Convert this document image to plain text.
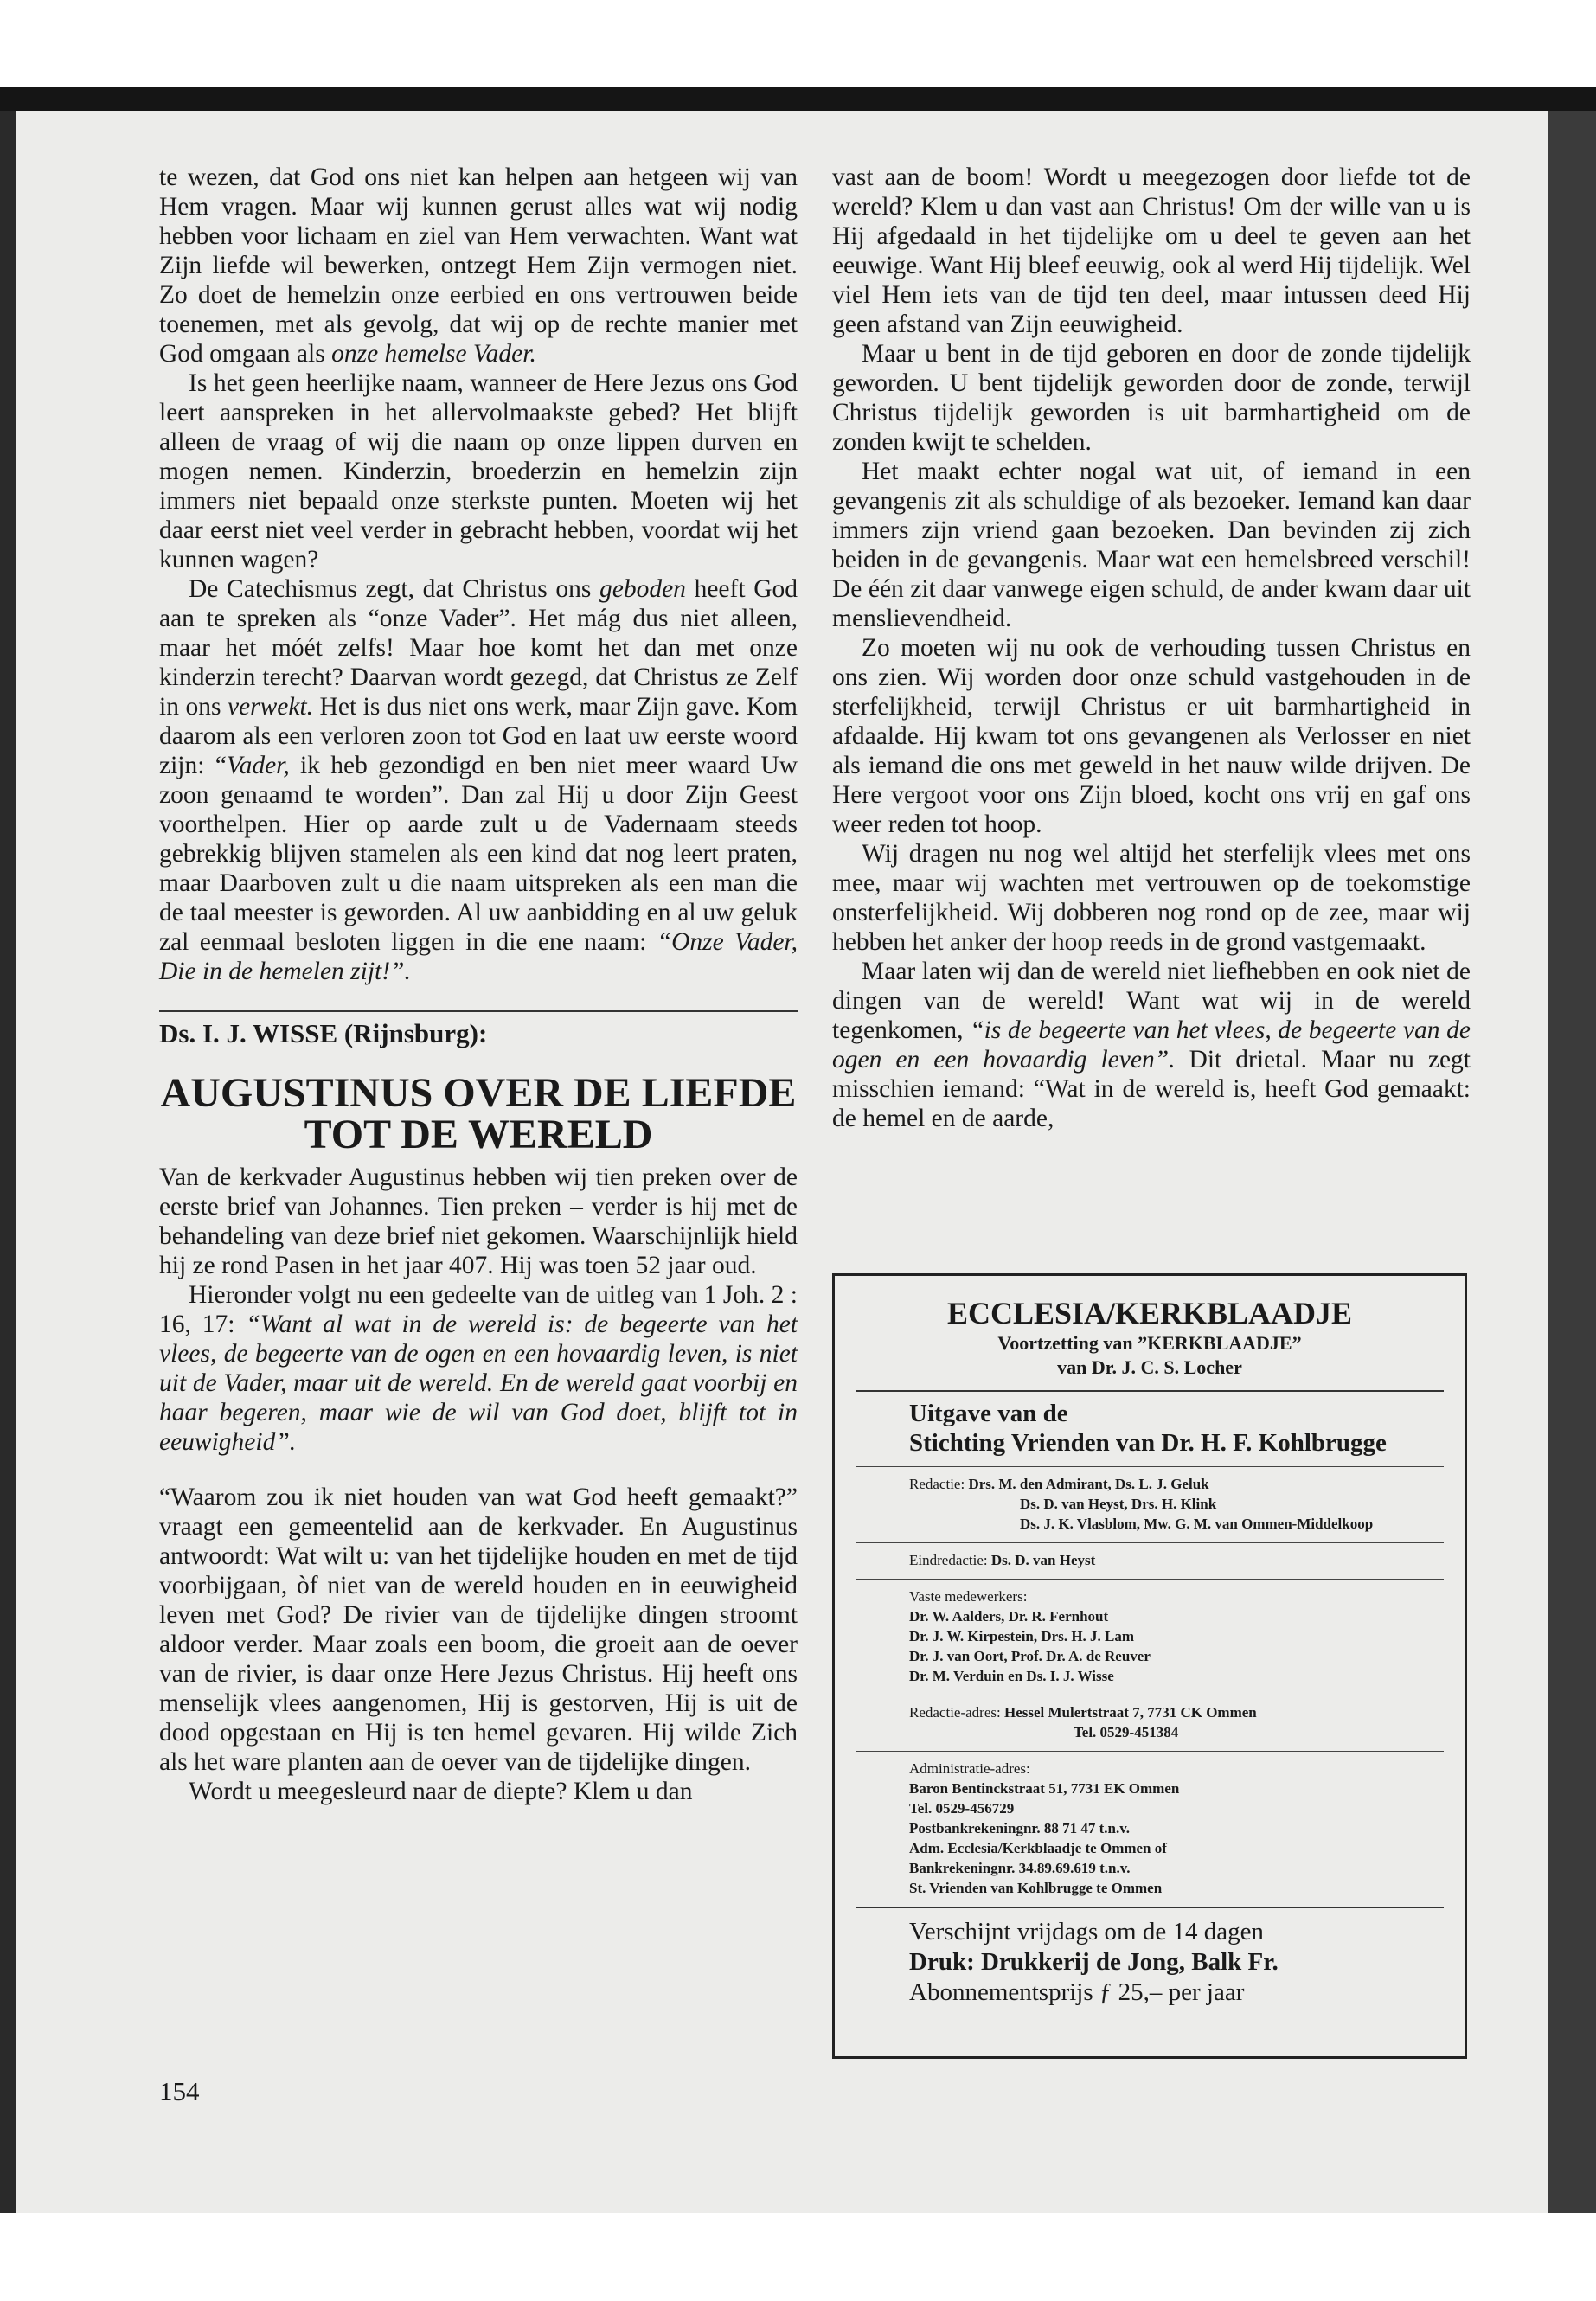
te wezen, dat God ons niet kan helpen aan hetgeen wij van Hem vragen. Maar wij kunnen gerust alles wat wij nodig hebben voor lichaam en ziel van Hem verwachten. Want wat Zijn liefde wil bewerken, ontzegt Hem Zijn vermogen niet. Zo doet de hemelzin onze eerbied en ons vertrouwen beide toenemen, met als gevolg, dat wij op de rechte manier met God omgaan als onze hemelse Vader.

Is het geen heerlijke naam, wanneer de Here Jezus ons God leert aanspreken in het allervolmaakste gebed? Het blijft alleen de vraag of wij die naam op onze lippen durven en mogen nemen. Kinderzin, broederzin en hemelzin zijn immers niet bepaald onze sterkste punten. Moeten wij het daar eerst niet veel verder in gebracht hebben, voordat wij het kunnen wagen?

De Catechismus zegt, dat Christus ons geboden heeft God aan te spreken als “onze Vader”. Het mág dus niet alleen, maar het móét zelfs! Maar hoe komt het dan met onze kinderzin terecht? Daarvan wordt gezegd, dat Christus ze Zelf in ons verwekt. Het is dus niet ons werk, maar Zijn gave. Kom daarom als een verloren zoon tot God en laat uw eerste woord zijn: “Vader, ik heb gezondigd en ben niet meer waard Uw zoon genaamd te worden”. Dan zal Hij u door Zijn Geest voorthelpen. Hier op aarde zult u de Vadernaam steeds gebrekkig blijven stamelen als een kind dat nog leert praten, maar Daarboven zult u die naam uitspreken als een man die de taal meester is geworden. Al uw aanbidding en al uw geluk zal eenmaal besloten liggen in die ene naam: “Onze Vader, Die in de hemelen zijt!”.

Ds. I. J. WISSE (Rijnsburg):

AUGUSTINUS OVER DE LIEFDE TOT DE WERELD

Van de kerkvader Augustinus hebben wij tien preken over de eerste brief van Johannes. Tien preken – verder is hij met de behandeling van deze brief niet gekomen. Waarschijnlijk hield hij ze rond Pasen in het jaar 407. Hij was toen 52 jaar oud.

Hieronder volgt nu een gedeelte van de uitleg van 1 Joh. 2 : 16, 17: “Want al wat in de wereld is: de begeerte van het vlees, de begeerte van de ogen en een hovaardig leven, is niet uit de Vader, maar uit de wereld. En de wereld gaat voorbij en haar begeren, maar wie de wil van God doet, blijft tot in eeuwigheid”.

“Waarom zou ik niet houden van wat God heeft gemaakt?” vraagt een gemeentelid aan de kerkvader. En Augustinus antwoordt: Wat wilt u: van het tijdelijke houden en met de tijd voorbijgaan, òf niet van de wereld houden en in eeuwigheid leven met God? De rivier van de tijdelijke dingen stroomt aldoor verder. Maar zoals een boom, die groeit aan de oever van de rivier, is daar onze Here Jezus Christus. Hij heeft ons menselijk vlees aangenomen, Hij is gestorven, Hij is uit de dood opgestaan en Hij is ten hemel gevaren. Hij wilde Zich als het ware planten aan de oever van de tijdelijke dingen.

Wordt u meegesleurd naar de diepte? Klem u dan

154

vast aan de boom! Wordt u meegezogen door liefde tot de wereld? Klem u dan vast aan Christus! Om der wille van u is Hij afgedaald in het tijdelijke om u deel te geven aan het eeuwige. Want Hij bleef eeuwig, ook al werd Hij tijdelijk. Wel viel Hem iets van de tijd ten deel, maar intussen deed Hij geen afstand van Zijn eeuwigheid.

Maar u bent in de tijd geboren en door de zonde tijdelijk geworden. U bent tijdelijk geworden door de zonde, terwijl Christus tijdelijk geworden is uit barmhartigheid om de zonden kwijt te schelden.

Het maakt echter nogal wat uit, of iemand in een gevangenis zit als schuldige of als bezoeker. Iemand kan daar immers zijn vriend gaan bezoeken. Dan bevinden zij zich beiden in de gevangenis. Maar wat een hemelsbreed verschil! De één zit daar vanwege eigen schuld, de ander kwam daar uit menslievendheid.

Zo moeten wij nu ook de verhouding tussen Christus en ons zien. Wij worden door onze schuld vastgehouden in de sterfelijkheid, terwijl Christus er uit barmhartigheid in afdaalde. Hij kwam tot ons gevangenen als Verlosser en niet als iemand die ons met geweld in het nauw wilde drijven. De Here vergoot voor ons Zijn bloed, kocht ons vrij en gaf ons weer reden tot hoop.

Wij dragen nu nog wel altijd het sterfelijk vlees met ons mee, maar wij wachten met vertrouwen op de toekomstige onsterfelijkheid. Wij dobberen nog rond op de zee, maar wij hebben het anker der hoop reeds in de grond vastgemaakt.

Maar laten wij dan de wereld niet liefhebben en ook niet de dingen van de wereld! Want wat wij in de wereld tegenkomen, “is de begeerte van het vlees, de begeerte van de ogen en een hovaardig leven”. Dit drietal. Maar nu zegt misschien iemand: “Wat in de wereld is, heeft God gemaakt: de hemel en de aarde,

ECCLESIA/KERKBLAADJE
Voortzetting van ”KERKBLAADJE”
van Dr. J. C. S. Locher
Uitgave van de
Stichting Vrienden van Dr. H. F. Kohlbrugge
Redactie: Drs. M. den Admirant, Ds. L. J. Geluk
Ds. D. van Heyst, Drs. H. Klink
Ds. J. K. Vlasblom, Mw. G. M. van Ommen-Middelkoop
Eindredactie: Ds. D. van Heyst
Vaste medewerkers:
Dr. W. Aalders, Dr. R. Fernhout
Dr. J. W. Kirpestein, Drs. H. J. Lam
Dr. J. van Oort, Prof. Dr. A. de Reuver
Dr. M. Verduin en Ds. I. J. Wisse
Redactie-adres: Hessel Mulertstraat 7, 7731 CK Ommen
Tel. 0529-451384
Administratie-adres:
Baron Bentinckstraat 51, 7731 EK Ommen
Tel. 0529-456729
Postbankrekeningnr. 88 71 47 t.n.v.
Adm. Ecclesia/Kerkblaadje te Ommen of
Bankrekeningnr. 34.89.69.619 t.n.v.
St. Vrienden van Kohlbrugge te Ommen
Verschijnt vrijdags om de 14 dagen
Druk: Drukkerij de Jong, Balk Fr.
Abonnementsprijs ƒ 25,– per jaar
